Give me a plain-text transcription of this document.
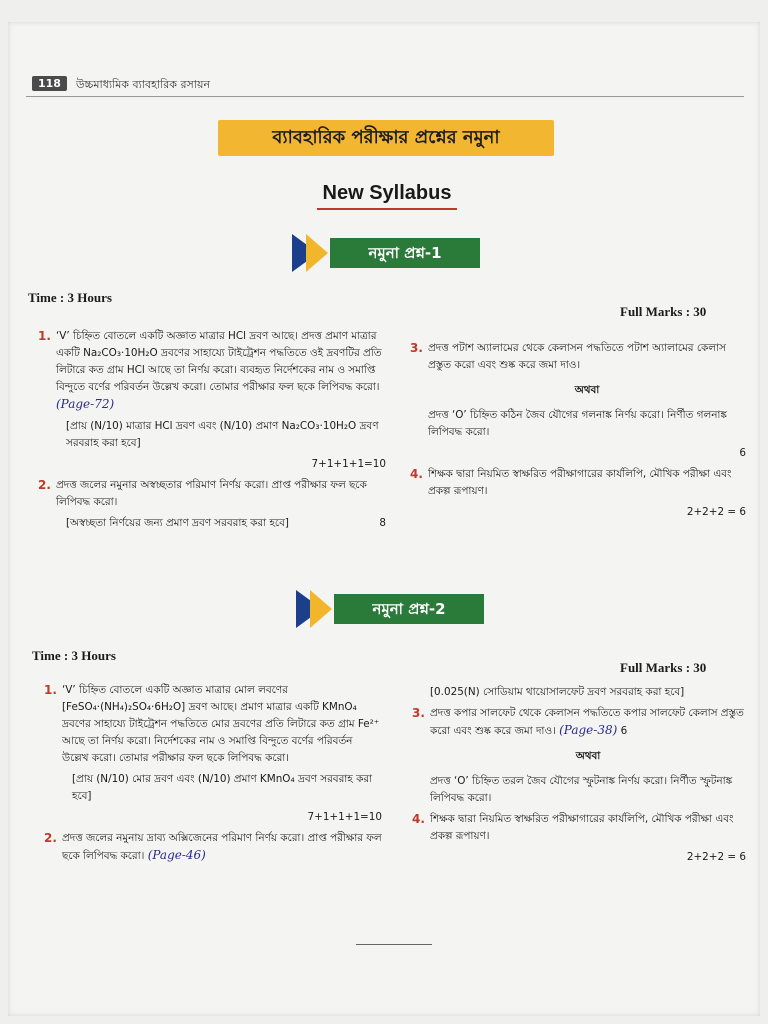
118	উচ্চমাধ্যমিক ব্যাবহারিক রসায়ন
ব্যাবহারিক পরীক্ষার প্রশ্নের নমুনা
New Syllabus
নমুনা প্রশ্ন-1
Time : 3 Hours
Full Marks : 30
1. ‘V’ চিহ্নিত বোতলে একটি অজ্ঞাত মাত্রার HCl দ্রবণ আছে। প্রদত্ত প্রমাণ মাত্রার একটি Na₂CO₃·10H₂O দ্রবণের সাহায্যে টাইট্রেশন পদ্ধতিতে ওই দ্রবণটির প্রতি লিটারে কত গ্রাম HCl আছে তা নির্ণয় করো। ব্যবহৃত নির্দেশকের নাম ও সমাপ্তি বিন্দুতে বর্ণের পরিবর্তন উল্লেখ করো। তোমার পরীক্ষার ফল ছকে লিপিবদ্ধ করো। (Page-72)
[প্রায় (N/10) মাত্রার HCl দ্রবণ এবং (N/10) প্রমাণ Na₂CO₃·10H₂O দ্রবণ সরবরাহ করা হবে]
7+1+1+1=10
2. প্রদত্ত জলের নমুনার অস্বচ্ছতার পরিমাণ নির্ণয় করো। প্রাপ্ত পরীক্ষার ফল ছকে লিপিবদ্ধ করো।
[অস্বচ্ছতা নির্ণয়ের জন্য প্রমাণ দ্রবণ সরবরাহ করা হবে]	8
3. প্রদত্ত পটাশ অ্যালামের থেকে কেলাসন পদ্ধতিতে পটাশ অ্যালামের কেলাস প্রস্তুত করো এবং শুষ্ক করে জমা দাও।
অথবা
প্রদত্ত ‘O’ চিহ্নিত কঠিন জৈব যৌগের গলনাঙ্ক নির্ণয় করো। নির্ণীত গলনাঙ্ক লিপিবদ্ধ করো।
6
4. শিক্ষক দ্বারা নিয়মিত স্বাক্ষরিত পরীক্ষাগারের কার্যলিপি, মৌখিক পরীক্ষা এবং প্রকল্প রূপায়ণ।
2+2+2 = 6
নমুনা প্রশ্ন-2
Time : 3 Hours
Full Marks : 30
1. ‘V’ চিহ্নিত বোতলে একটি অজ্ঞাত মাত্রার মোল লবণের [FeSO₄·(NH₄)₂SO₄·6H₂O] দ্রবণ আছে। প্রমাণ মাত্রার একটি KMnO₄ দ্রবণের সাহায্যে টাইট্রেশন পদ্ধতিতে মোর দ্রবণের প্রতি লিটারে কত গ্রাম Fe²⁺ আছে তা নির্ণয় করো। নির্দেশকের নাম ও সমাপ্তি বিন্দুতে বর্ণের পরিবর্তন উল্লেখ করো। তোমার পরীক্ষার ফল ছকে লিপিবদ্ধ করো।
[প্রায় (N/10) মোর দ্রবণ এবং (N/10) প্রমাণ KMnO₄ দ্রবণ সরবরাহ করা হবে]
7+1+1+1=10
2. প্রদত্ত জলের নমুনায় দ্রাব্য অক্সিজেনের পরিমাণ নির্ণয় করো। প্রাপ্ত পরীক্ষার ফল ছকে লিপিবদ্ধ করো। (Page-46)
[0.025(N) সোডিয়াম থায়োসালফেট দ্রবণ সরবরাহ করা হবে]
3. প্রদত্ত কপার সালফেট থেকে কেলাসন পদ্ধতিতে কপার সালফেট কেলাস প্রস্তুত করো এবং শুষ্ক করে জমা দাও। (Page-38) 6
অথবা
প্রদত্ত ‘O’ চিহ্নিত তরল জৈব যৌগের স্ফুটনাঙ্ক নির্ণয় করো। নির্ণীত স্ফুটনাঙ্ক লিপিবদ্ধ করো।
4. শিক্ষক দ্বারা নিয়মিত স্বাক্ষরিত পরীক্ষাগারের কার্যলিপি, মৌখিক পরীক্ষা এবং প্রকল্প রূপায়ণ।
2+2+2 = 6
